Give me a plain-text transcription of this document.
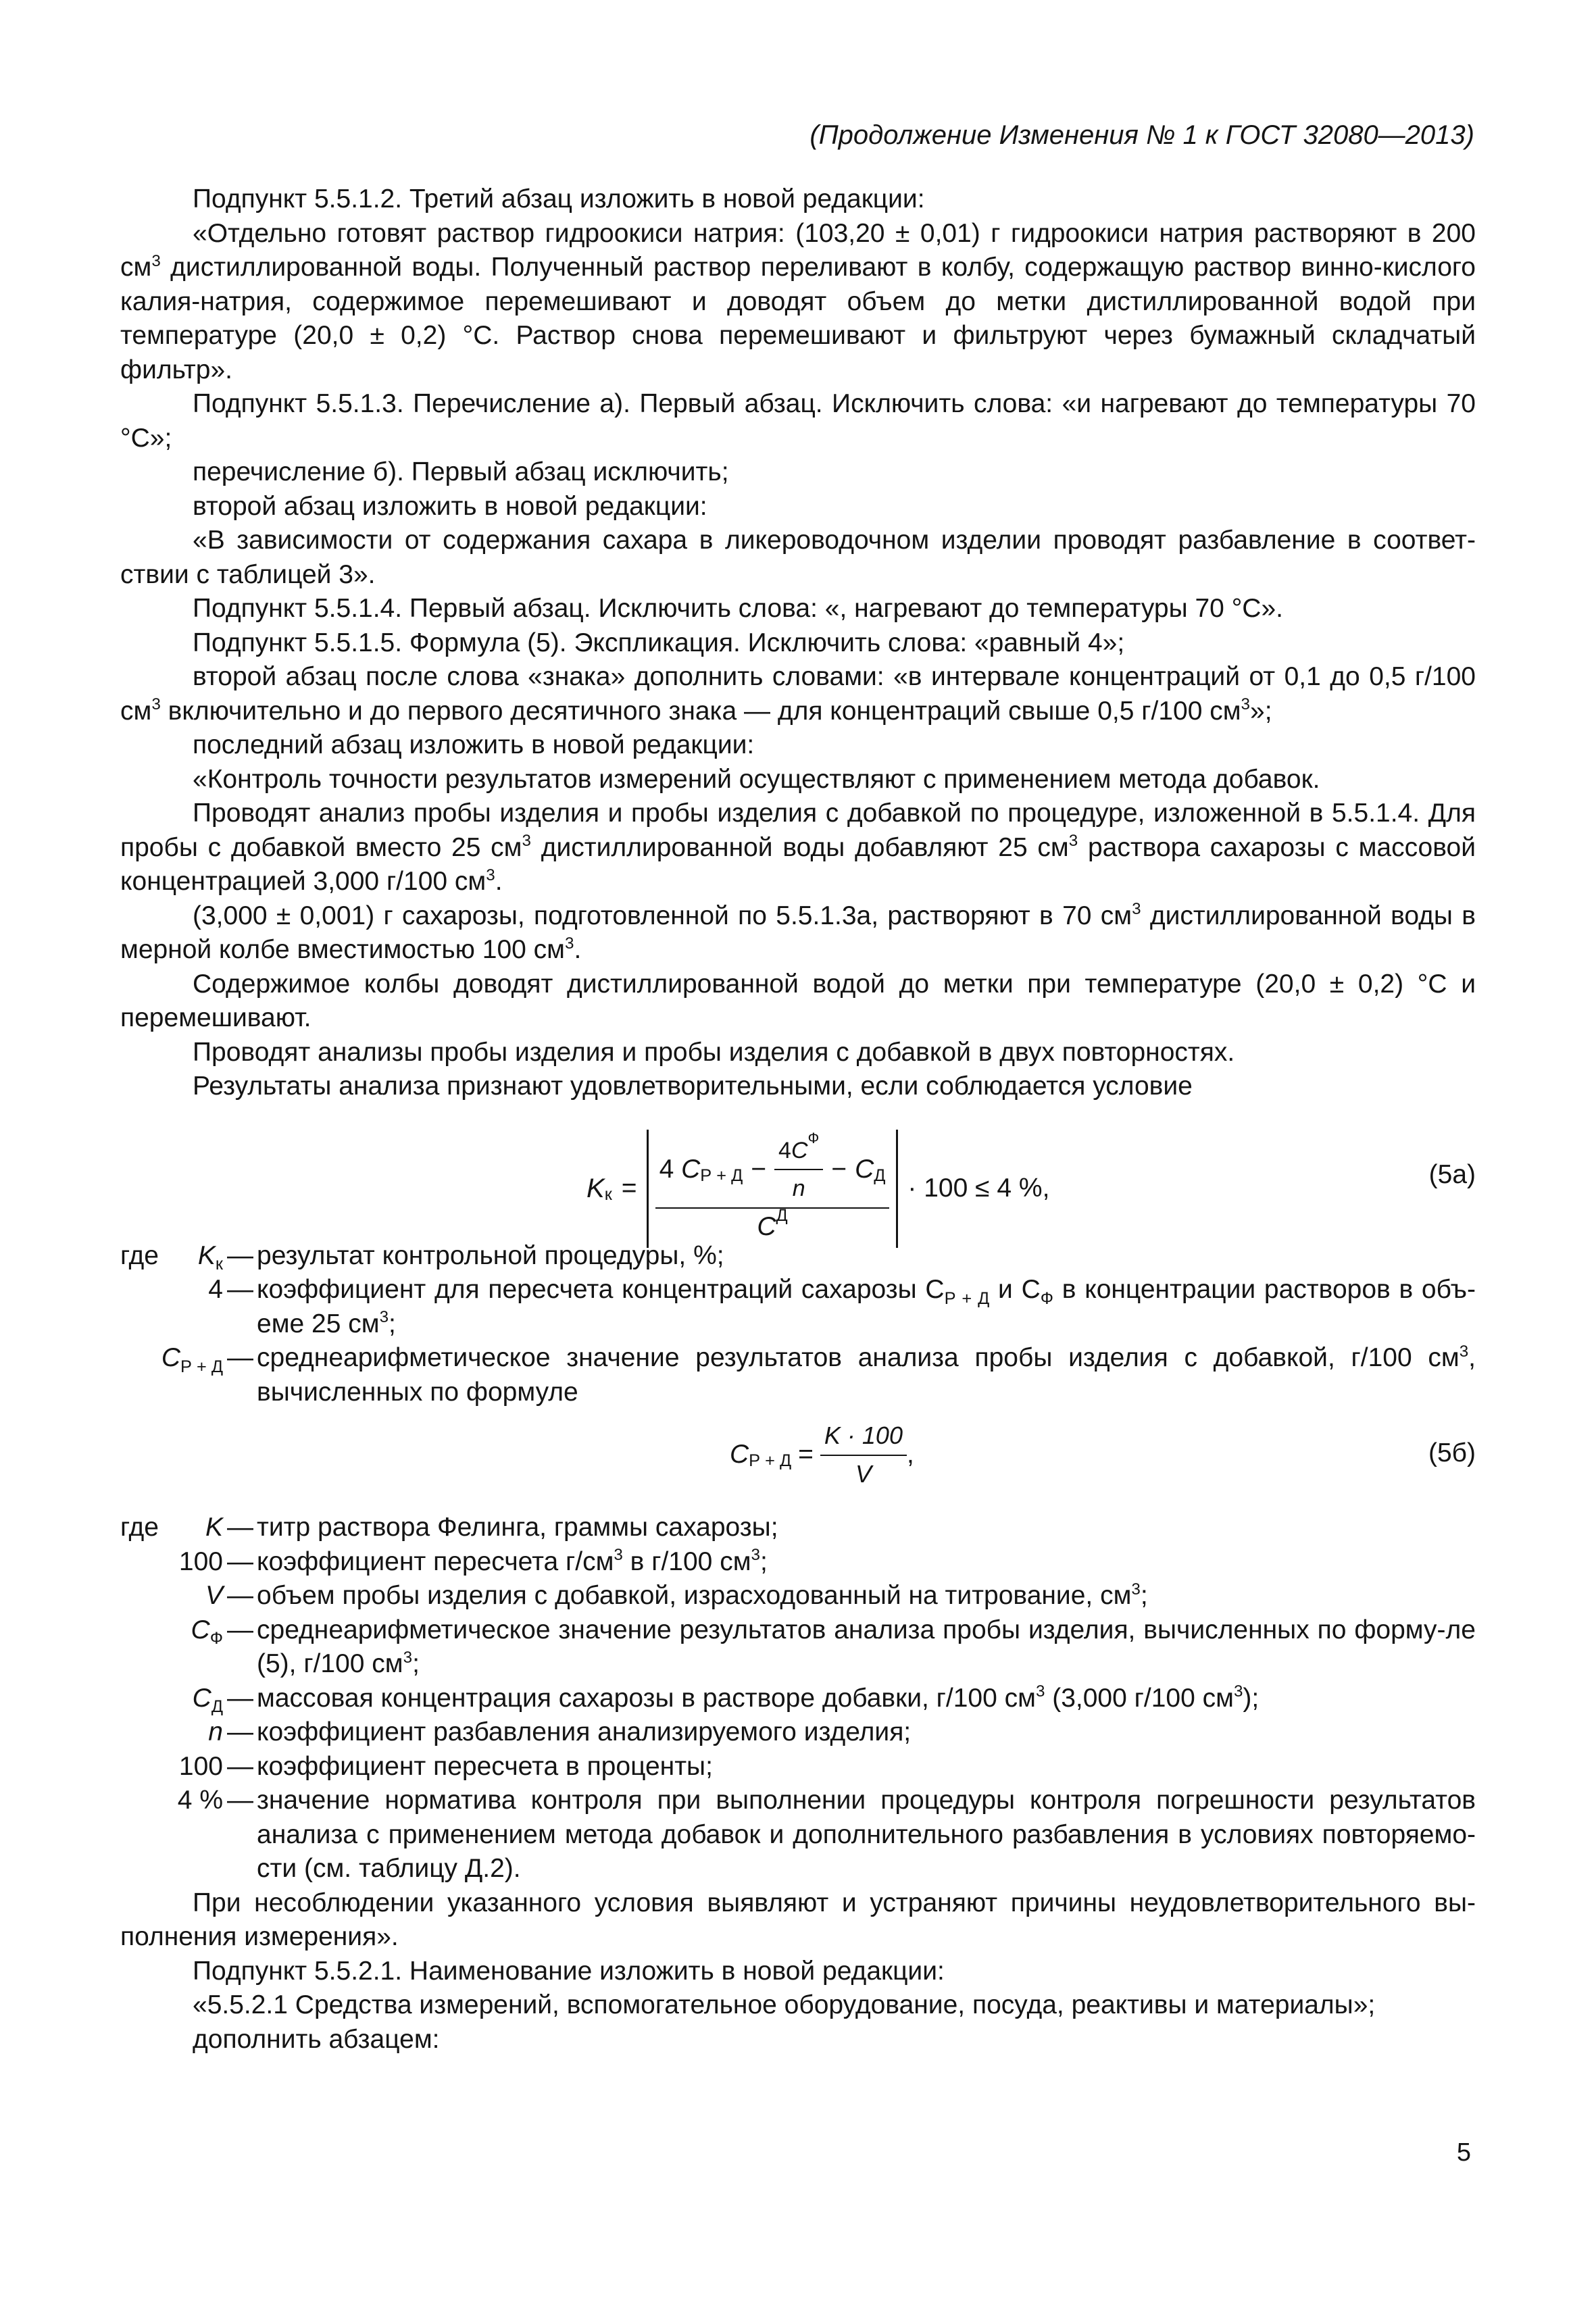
(Продолжение Изменения № 1 к ГОСТ 32080—2013)

Подпункт 5.5.1.2. Третий абзац изложить в новой редакции:

«Отдельно готовят раствор гидроокиси натрия: (103,20 ± 0,01) г гидроокиси натрия растворяют в 200 $см^3$ дистиллированной воды. Полученный раствор переливают в колбу, содержащую раствор винно-кислого калия-натрия, содержимое перемешивают и доводят объем до метки дистиллированной водой при температуре (20,0 ± 0,2) °С. Раствор снова перемешивают и фильтруют через бумажный складчатый фильтр».

Подпункт 5.5.1.3. Перечисление а). Первый абзац. Исключить слова: «и нагревают до температуры 70 °С»;

перечисление б). Первый абзац исключить;

второй абзац изложить в новой редакции:

«В зависимости от содержания сахара в ликероводочном изделии проводят разбавление в соответ-ствии с таблицей 3».

Подпункт 5.5.1.4. Первый абзац. Исключить слова: «, нагревают до температуры 70 °С».

Подпункт 5.5.1.5. Формула (5). Экспликация. Исключить слова: «равный 4»;

второй абзац после слова «знака» дополнить словами: «в интервале концентраций от 0,1 до 0,5 г/100 $см^3$ включительно и до первого десятичного знака — для концентраций свыше 0,5 г/100 $см^3$»;

последний абзац изложить в новой редакции:

«Контроль точности результатов измерений осуществляют с применением метода добавок.

Проводят анализ пробы изделия и пробы изделия с добавкой по процедуре, изложенной в 5.5.1.4. Для пробы с добавкой вместо 25 $см^3$ дистиллированной воды добавляют 25 $см^3$ раствора сахарозы с массовой концентрацией 3,000 г/100 $см^3$.

(3,000 ± 0,001) г сахарозы, подготовленной по 5.5.1.3а, растворяют в 70 $см^3$ дистиллированной воды в мерной колбе вместимостью 100 $см^3$.

Содержимое колбы доводят дистиллированной водой до метки при температуре (20,0 ± 0,2) °С и перемешивают.

Проводят анализы пробы изделия и пробы изделия с добавкой в двух повторностях.

Результаты анализа признают удовлетворительными, если соблюдается условие

$K_к$ =
4
$C_{Р + Д} - \frac{4 C_Ф}{n} - C_Д$
$C_Д$
· 100 ≤ 4 %,	(5а)
где $K_к$ — результат контрольной процедуры, %;
4 — коэффициент для пересчета концентраций сахарозы $C_{Р + Д}$ и $C_Ф$ в концентрации растворов в объ-еме 25 $см^3$;
$C_{Р + Д}$ — среднеарифметическое значение результатов анализа пробы изделия с добавкой, г/100 $см^3$, вычисленных по формуле
$C_{Р + Д} = \frac{K \cdot 100}{V}$ ,	(5б)
где K — титр раствора Фелинга, граммы сахарозы;
100 — коэффициент пересчета $г/см^3$ в г/100 $см^3$;
V — объем пробы изделия с добавкой, израсходованный на титрование, $см^3$;
$C_Ф$ — среднеарифметическое значение результатов анализа пробы изделия, вычисленных по форму-ле (5), г/100 $см^3$;
$C_Д$ — массовая концентрация сахарозы в растворе добавки, г/100 $см^3$ (3,000 г/100 $см^3$);
n — коэффициент разбавления анализируемого изделия;
100 — коэффициент пересчета в проценты;
4 % — значение норматива контроля при выполнении процедуры контроля погрешности результатов анализа с применением метода добавок и дополнительного разбавления в условиях повторяемо-сти (см. таблицу Д.2).

При несоблюдении указанного условия выявляют и устраняют причины неудовлетворительного вы-полнения измерения».

Подпункт 5.5.2.1. Наименование изложить в новой редакции:

«5.5.2.1 Средства измерений, вспомогательное оборудование, посуда, реактивы и материалы»;

дополнить абзацем:

5
